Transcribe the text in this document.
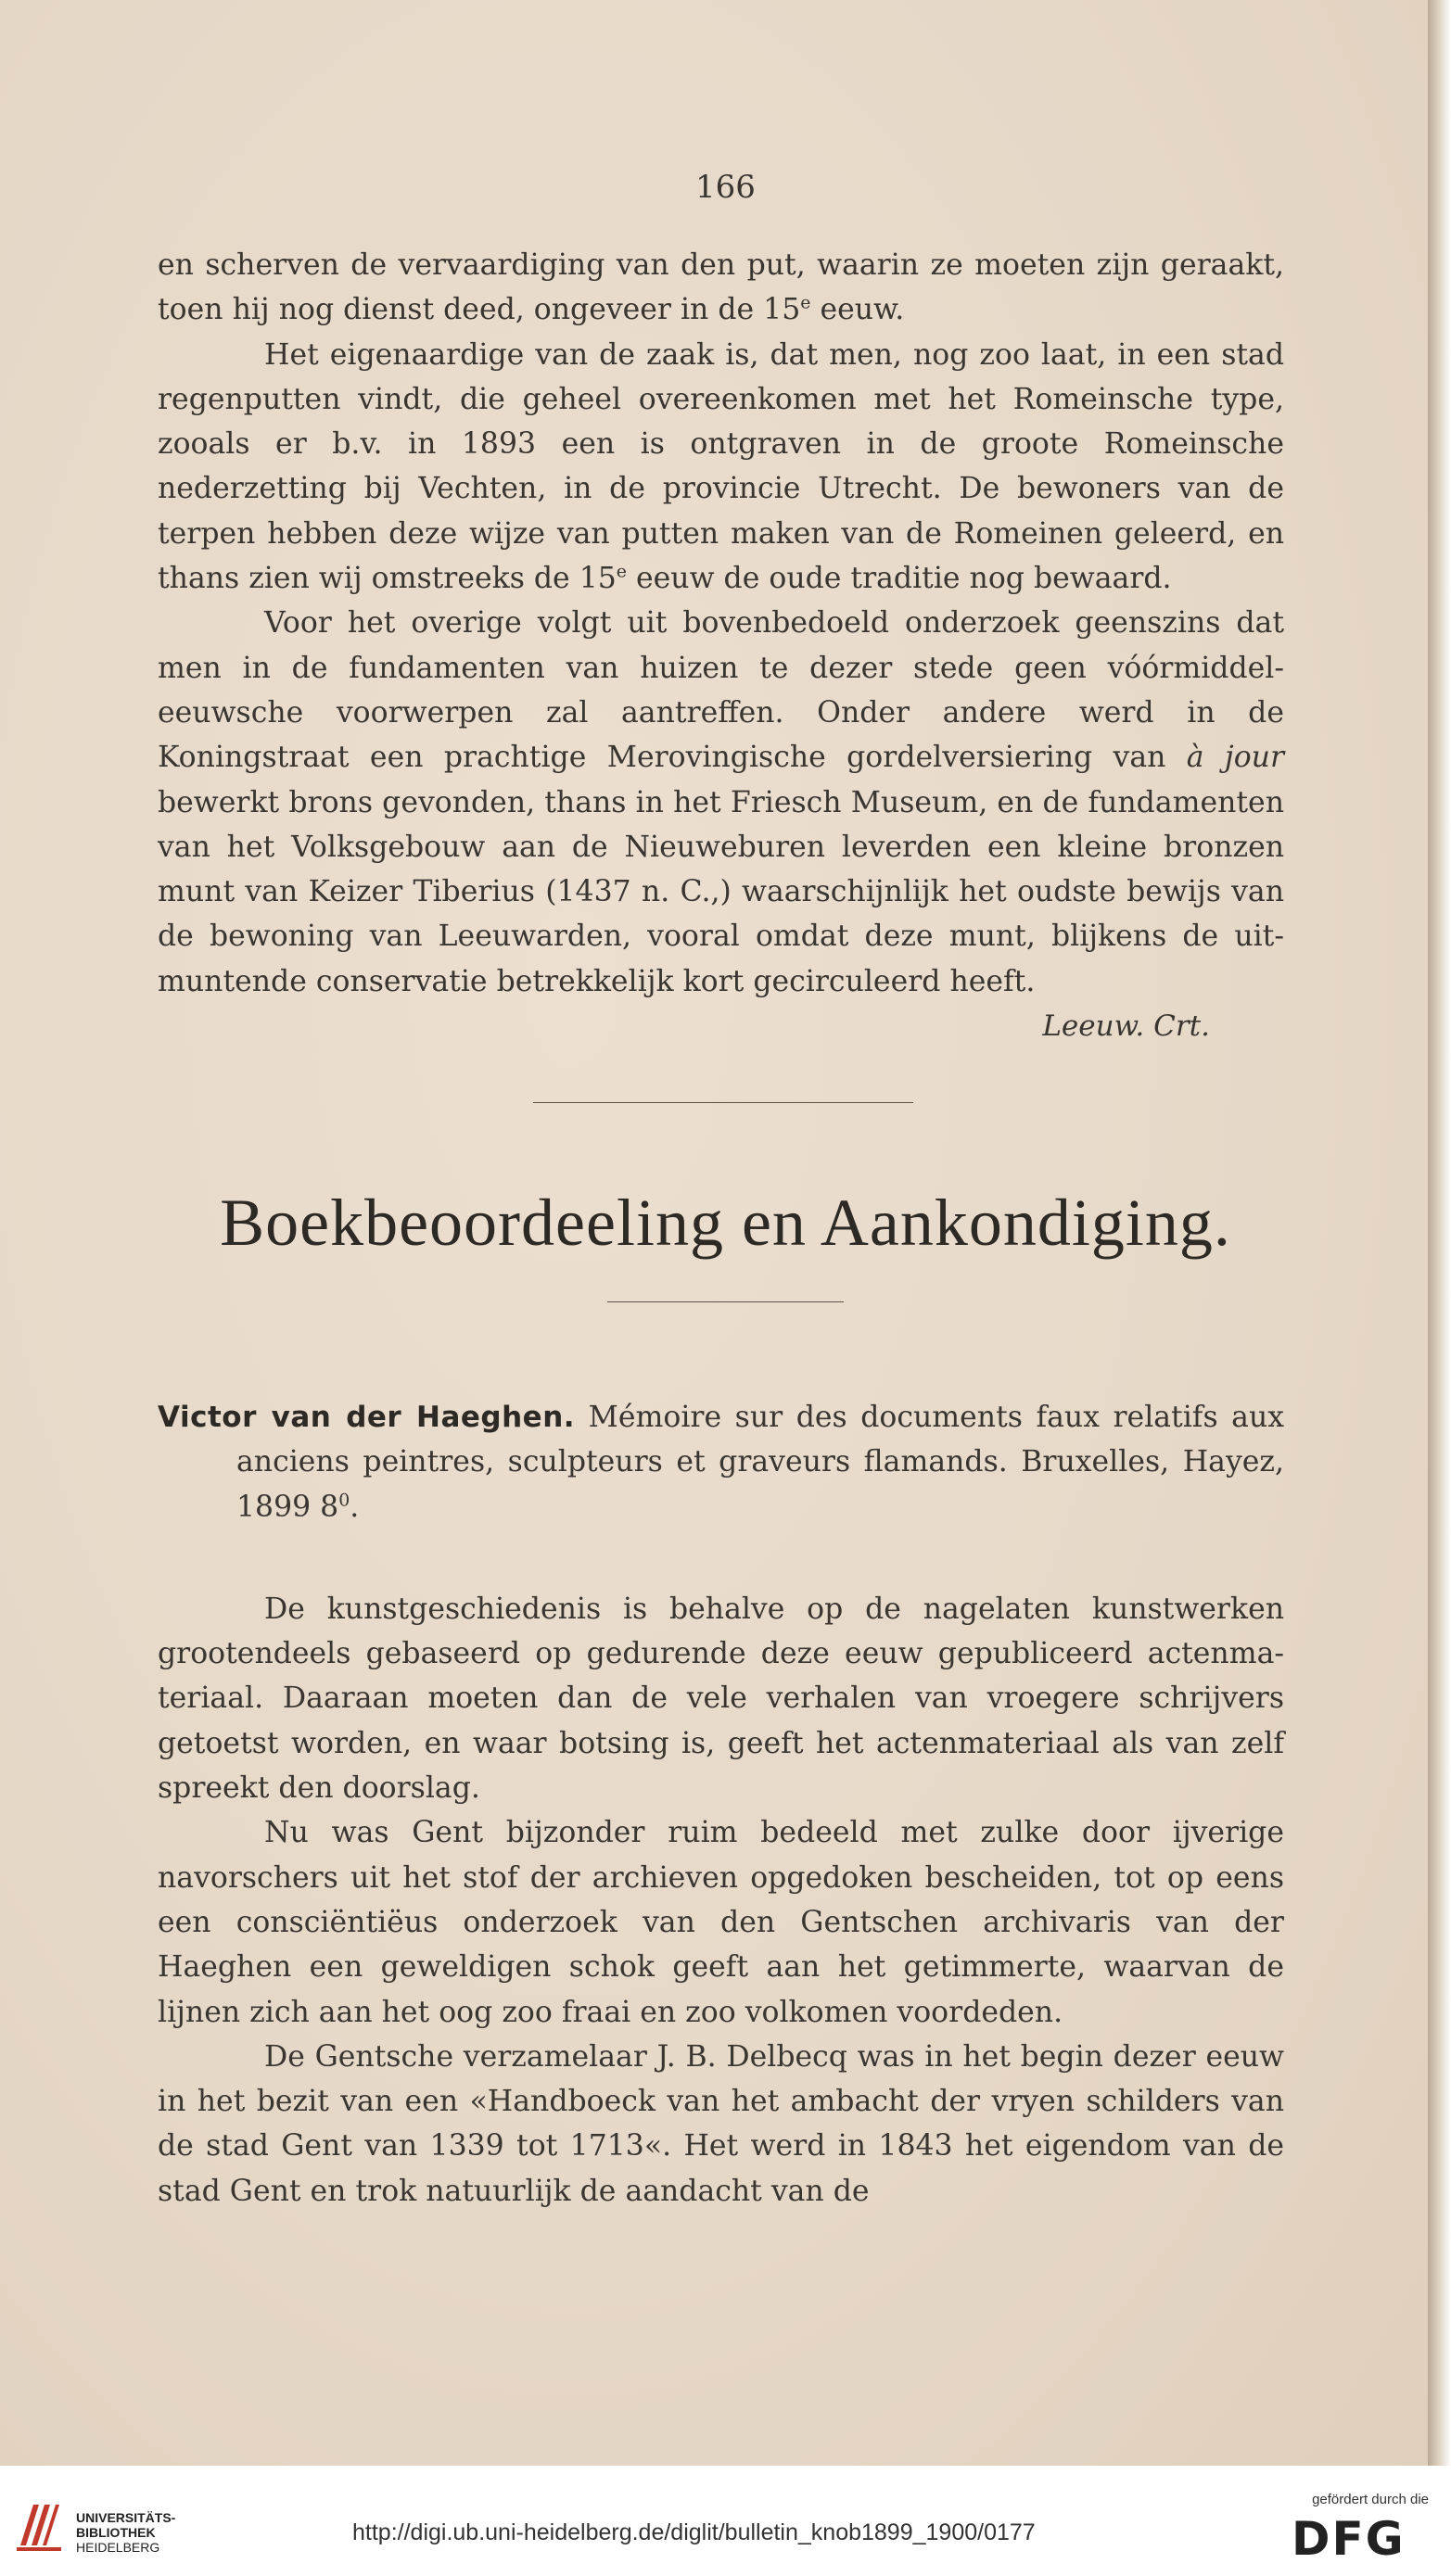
166

en scherven de vervaardiging van den put, waarin ze moeten zijn geraakt, toen hij nog dienst deed, ongeveer in de 15e eeuw.

Het eigenaardige van de zaak is, dat men, nog zoo laat, in een stad regenputten vindt, die geheel overeenkomen met het Romeinsche type, zooals er b.v. in 1893 een is ontgraven in de groote Romeinsche nederzetting bij Vechten, in de provincie Utrecht. De bewoners van de terpen hebben deze wijze van putten maken van de Romeinen geleerd, en thans zien wij omstreeks de 15e eeuw de oude traditie nog bewaard.

Voor het overige volgt uit bovenbedoeld onderzoek geenszins dat men in de fundamenten van huizen te dezer stede geen vóórmiddel-eeuwsche voorwerpen zal aantreffen. Onder andere werd in de Koningstraat een prachtige Merovingische gordelversiering van à jour bewerkt brons gevonden, thans in het Friesch Museum, en de fundamenten van het Volksgebouw aan de Nieuweburen leverden een kleine bronzen munt van Keizer Tiberius (1437 n. C.,) waarschijnlijk het oudste bewijs van de bewoning van Leeuwarden, vooral omdat deze munt, blijkens de uit-muntende conservatie betrekkelijk kort gecirculeerd heeft.

Leeuw. Crt.
Boekbeoordeeling en Aankondiging.

Victor van der Haeghen. Mémoire sur des documents faux relatifs aux anciens peintres, sculpteurs et graveurs flamands. Bruxelles, Hayez, 1899 $8^0$.

De kunstgeschiedenis is behalve op de nagelaten kunstwerken grootendeels gebaseerd op gedurende deze eeuw gepubliceerd actenma-teriaal. Daaraan moeten dan de vele verhalen van vroegere schrijvers getoetst worden, en waar botsing is, geeft het actenmateriaal als van zelf spreekt den doorslag.

Nu was Gent bijzonder ruim bedeeld met zulke door ijverige navorschers uit het stof der archieven opgedoken bescheiden, tot op eens een consciëntiëus onderzoek van den Gentschen archivaris van der Haeghen een geweldigen schok geeft aan het getimmerte, waarvan de lijnen zich aan het oog zoo fraai en zoo volkomen voordeden.

De Gentsche verzamelaar J. B. Delbecq was in het begin dezer eeuw in het bezit van een «Handboeck van het ambacht der vryen schilders van de stad Gent van 1339 tot 1713«. Het werd in 1843 het eigendom van de stad Gent en trok natuurlijk de aandacht van de

UNIVERSITÄTS-
BIBLIOTHEK
HEIDELBERG
http://digi.ub.uni-heidelberg.de/diglit/bulletin_knob1899_1900/0177
gefördert durch die
DFG
